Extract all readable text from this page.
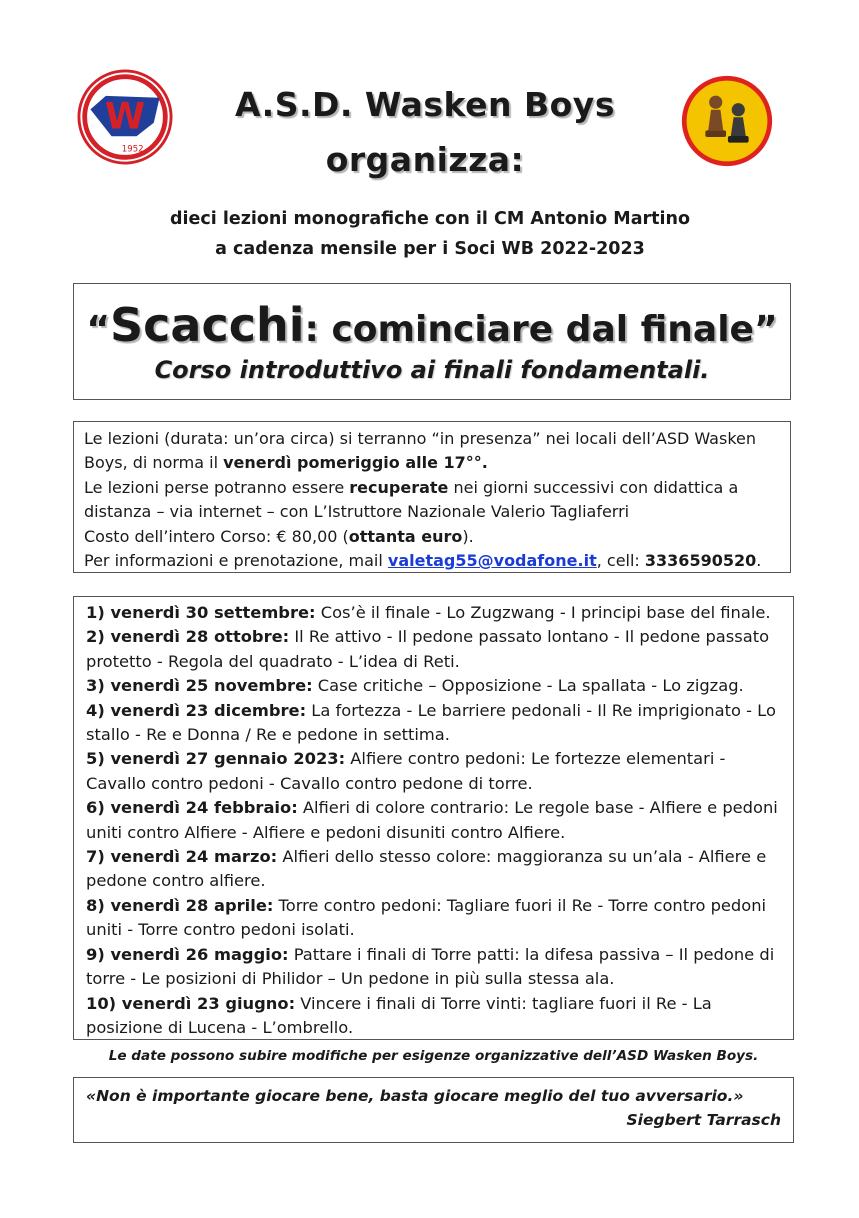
W
1952
A.S.D. Wasken Boys
organizza:
dieci lezioni monografiche con il CM Antonio Martino
a cadenza mensile per i Soci WB 2022-2023
“Scacchi: cominciare dal finale”
Corso introduttivo ai finali fondamentali.

Le lezioni (durata: un’ora circa) si terranno “in presenza” nei locali dell’ASD Wasken Boys, di norma il venerdì pomeriggio alle 17°°.

Le lezioni perse potranno essere recuperate nei giorni successivi con didattica a distanza – via internet – con L’Istruttore Nazionale Valerio Tagliaferri

Costo dell’intero Corso: € 80,00 (ottanta euro).

Per informazioni e prenotazione, mail valetag55@vodafone.it, cell: 3336590520.

1) venerdì 30 settembre: Cos’è il finale - Lo Zugzwang - I principi base del finale.

2) venerdì 28 ottobre: Il Re attivo - Il pedone passato lontano - Il pedone passato protetto - Regola del quadrato - L’idea di Reti.

3) venerdì 25 novembre: Case critiche – Opposizione - La spallata - Lo zigzag.

4) venerdì 23 dicembre: La fortezza - Le barriere pedonali - Il Re imprigionato - Lo stallo - Re e Donna / Re e pedone in settima.

5) venerdì 27 gennaio 2023: Alfiere contro pedoni: Le fortezze elementari - Cavallo contro pedoni - Cavallo contro pedone di torre.

6) venerdì 24 febbraio: Alfieri di colore contrario: Le regole base - Alfiere e pedoni uniti contro Alfiere - Alfiere e pedoni disuniti contro Alfiere.

7) venerdì 24 marzo: Alfieri dello stesso colore: maggioranza su un’ala - Alfiere e pedone contro alfiere.

8) venerdì 28 aprile: Torre contro pedoni: Tagliare fuori il Re - Torre contro pedoni uniti - Torre contro pedoni isolati.

9) venerdì 26 maggio: Pattare i finali di Torre patti: la difesa passiva – Il pedone di torre - Le posizioni di Philidor – Un pedone in più sulla stessa ala.

10) venerdì 23 giugno: Vincere i finali di Torre vinti: tagliare fuori il Re - La posizione di Lucena - L’ombrello.

Le date possono subire modifiche per esigenze organizzative dell’ASD Wasken Boys.
«Non è importante giocare bene, basta giocare meglio del tuo avversario.»
Siegbert Tarrasch
